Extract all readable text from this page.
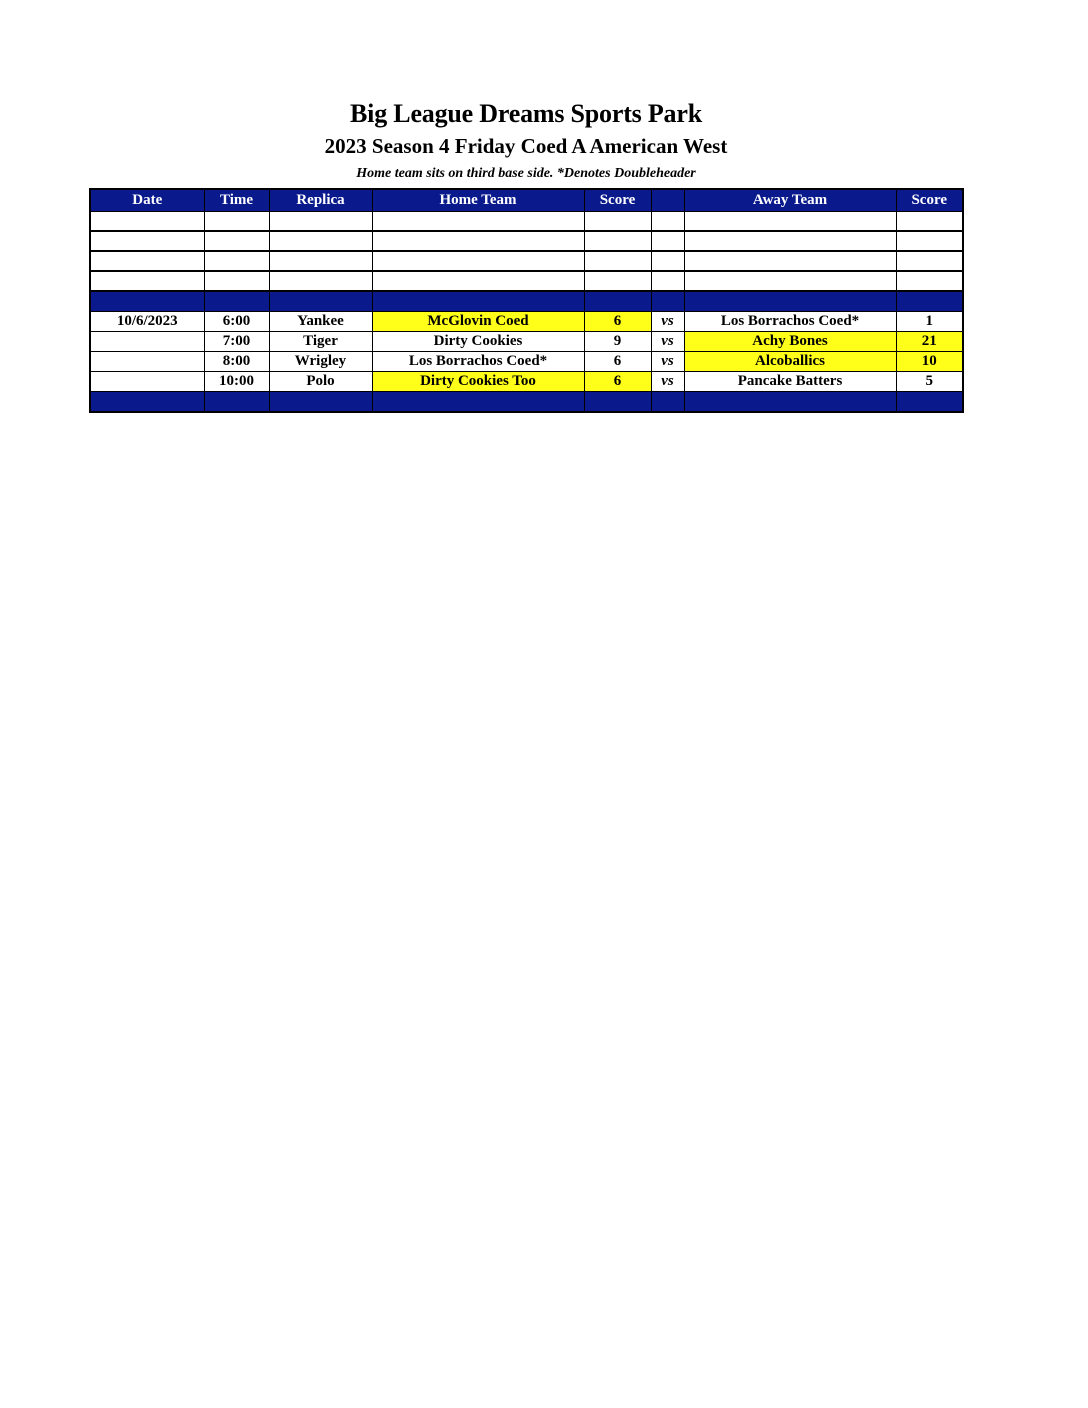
Big League Dreams Sports Park
2023 Season 4 Friday Coed A American West
Home team sits on third base side. *Denotes Doubleheader
Date	Time	Replica	Home Team	Score		Away Team	Score

10/6/2023	6:00	Yankee	McGlovin Coed	6	vs	Los Borrachos Coed*	1
	7:00	Tiger	Dirty Cookies	9	vs	Achy Bones	21
	8:00	Wrigley	Los Borrachos Coed*	6	vs	Alcoballics	10
	10:00	Polo	Dirty Cookies Too	6	vs	Pancake Batters	5
